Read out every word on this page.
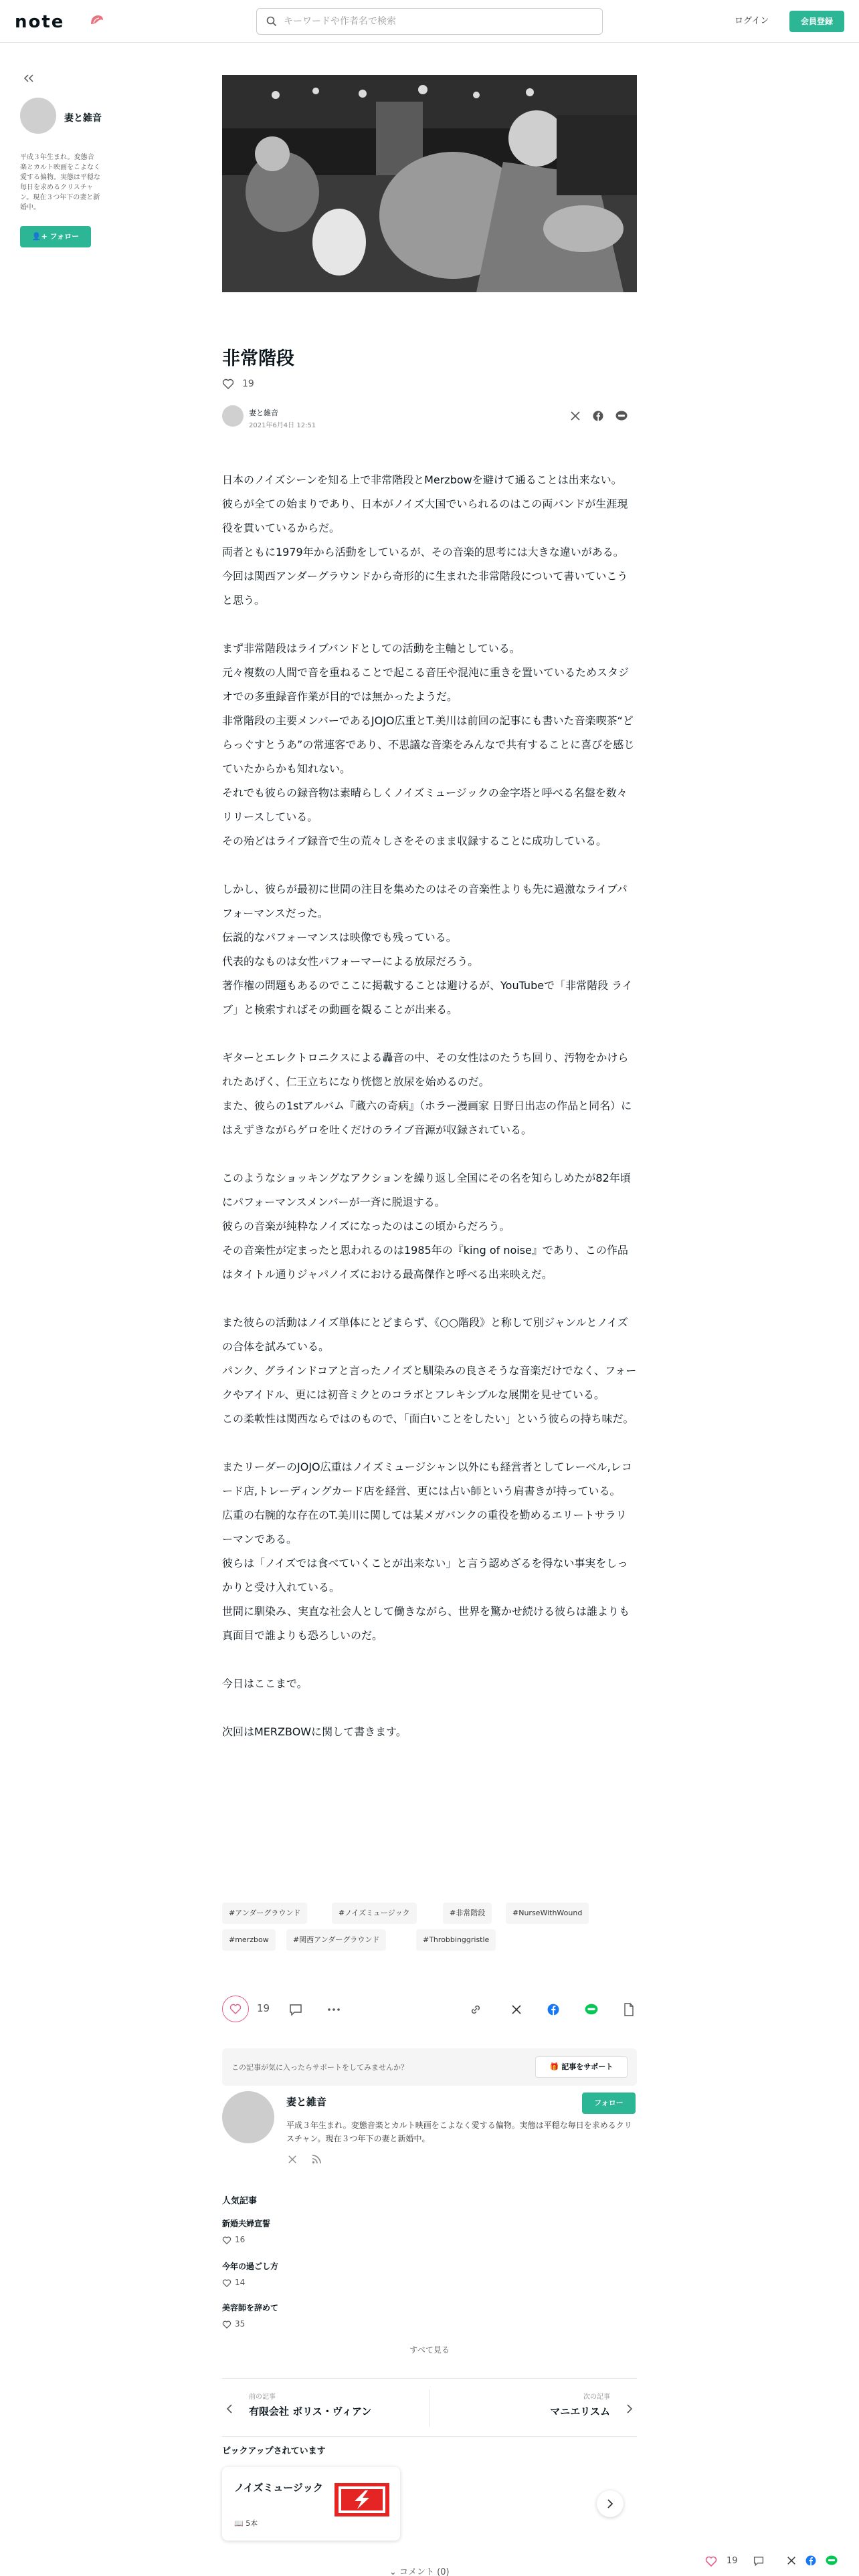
note
キーワードや作者名で検索	ログイン	会員登録
妻と雑音
平成３年生まれ。変態音楽とカルト映画をこよなく愛する偏物。実態は平穏な毎日を求めるクリスチャン。現在３つ年下の妻と新婚中。
👤+ フォロー
非常階段
19
妻と雑音
2021年6月4日 12:51

日本のノイズシーンを知る上で非常階段とMerzbowを避けて通ることは出来ない。

彼らが全ての始まりであり、日本がノイズ大国でいられるのはこの両バンドが生涯現役を貫いているからだ。

両者ともに1979年から活動をしているが、その音楽的思考には大きな違いがある。

今回は関西アンダーグラウンドから奇形的に生まれた非常階段について書いていこうと思う。

まず非常階段はライブバンドとしての活動を主軸としている。

元々複数の人間で音を重ねることで起こる音圧や混沌に重きを置いているためスタジオでの多重録音作業が目的では無かったようだ。

非常階段の主要メンバーであるJOJO広重とT.美川は前回の記事にも書いた音楽喫茶“どらっぐすとうあ”の常連客であり、不思議な音楽をみんなで共有することに喜びを感じていたからかも知れない。

それでも彼らの録音物は素晴らしくノイズミュージックの金字塔と呼べる名盤を数々リリースしている。

その殆どはライブ録音で生の荒々しさをそのまま収録することに成功している。

しかし、彼らが最初に世間の注目を集めたのはその音楽性よりも先に過激なライブパフォーマンスだった。

伝説的なパフォーマンスは映像でも残っている。

代表的なものは女性パフォーマーによる放尿だろう。

著作権の問題もあるのでここに掲載することは避けるが、YouTubeで「非常階段 ライブ」と検索すればその動画を観ることが出来る。

ギターとエレクトロニクスによる轟音の中、その女性はのたうち回り、汚物をかけられたあげく、仁王立ちになり恍惚と放尿を始めるのだ。

また、彼らの1stアルバム『蔵六の奇病』（ホラー漫画家 日野日出志の作品と同名）にはえずきながらゲロを吐くだけのライブ音源が収録されている。

このようなショッキングなアクションを繰り返し全国にその名を知らしめたが82年頃にパフォーマンスメンバーが一斉に脱退する。

彼らの音楽が純粋なノイズになったのはこの頃からだろう。

その音楽性が定まったと思われるのは1985年の『king of noise』であり、この作品はタイトル通りジャパノイズにおける最高傑作と呼べる出来映えだ。

また彼らの活動はノイズ単体にとどまらず、《○○階段》と称して別ジャンルとノイズの合体を試みている。

パンク、グラインドコアと言ったノイズと馴染みの良さそうな音楽だけでなく、フォークやアイドル、更には初音ミクとのコラボとフレキシブルな展開を見せている。

この柔軟性は関西ならではのもので、「面白いことをしたい」という彼らの持ち味だ。

またリーダーのJOJO広重はノイズミュージシャン以外にも経営者としてレーベル,レコード店,トレーディングカード店を経営、更には占い師という肩書きが持っている。

広重の右腕的な存在のT.美川に関しては某メガバンクの重役を勤めるエリートサラリーマンである。

彼らは「ノイズでは食べていくことが出来ない」と言う認めざるを得ない事実をしっかりと受け入れている。

世間に馴染み、実直な社会人として働きながら、世界を驚かせ続ける彼らは誰よりも真面目で誰よりも恐ろしいのだ。

今日はここまで。

次回はMERZBOWに関して書きます。

#アンダーグラウンド	#ノイズミュージック	#非常階段	#NurseWithWound
#merzbow	#関西アンダーグラウンド	#Throbbinggristle
19
この記事が気に入ったらサポートをしてみませんか？	🎁 記事をサポート
妻と雑音	フォロー
平成３年生まれ。変態音楽とカルト映画をこよなく愛する偏物。実態は平穏な毎日を求めるクリスチャン。現在３つ年下の妻と新婚中。
人気記事
新婚夫婦宣誓
16
今年の過ごし方
14
美容師を辞めて
35
すべて見る
前の記事
有限会社 ボリス・ヴィアン
次の記事
マニエリスム
ピックアップされています
ノイズミュージック
📖 5本
⌄ コメント (0)
19
